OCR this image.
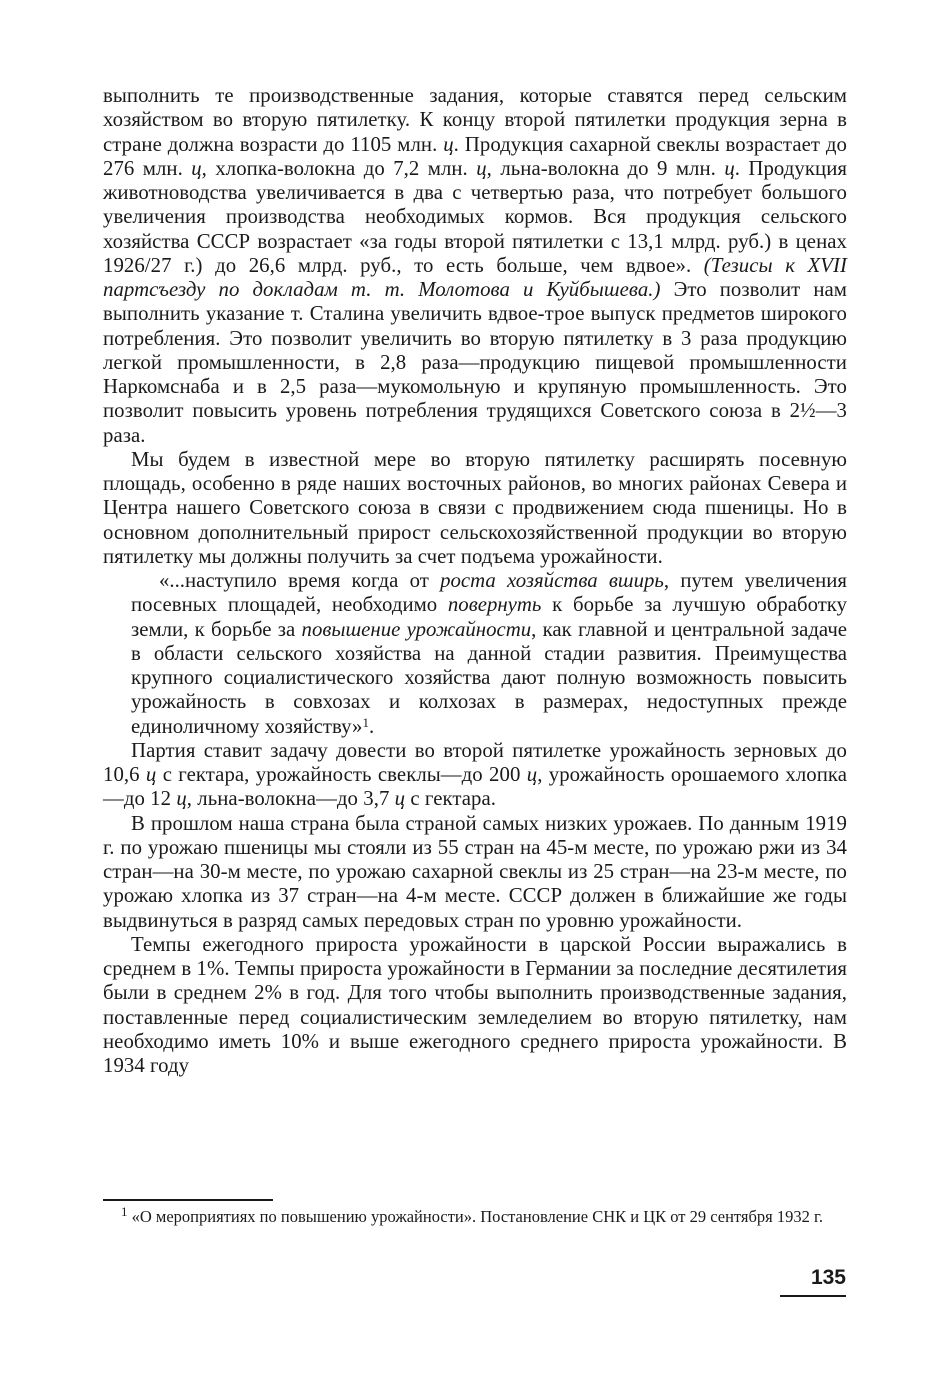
выполнить те производственные задания, которые ставятся перед сельским хозяйством во вторую пятилетку. К концу второй пятилетки продукция зерна в стране должна возрасти до 1105 млн. ц. Продукция сахарной свеклы возрастает до 276 млн. ц, хлопка-волокна до 7,2 млн. ц, льна-волокна до 9 млн. ц. Продукция животноводства увеличивается в два с четвертью раза, что потребует большого увеличения производства необходимых кормов. Вся продукция сельского хозяйства СССР возрастает «за годы второй пятилетки с 13,1 млрд. руб.) в ценах 1926/27 г.) до 26,6 млрд. руб., то есть больше, чем вдвое». (Тезисы к XVII партсъезду по докладам т. т. Молотова и Куйбышева.) Это позволит нам выполнить указание т. Сталина увеличить вдвое-трое выпуск предметов широкого потребления. Это позволит увеличить во вторую пятилетку в 3 раза продукцию легкой промышленности, в 2,8 раза—продукцию пищевой промышленности Наркомснаба и в 2,5 раза—мукомольную и крупяную промышленность. Это позволит повысить уровень потребления трудящихся Советского союза в 2½—3 раза.

Мы будем в известной мере во вторую пятилетку расширять посевную площадь, особенно в ряде наших восточных районов, во многих районах Севера и Центра нашего Советского союза в связи с продвижением сюда пшеницы. Но в основном дополнительный прирост сельскохозяйственной продукции во вторую пятилетку мы должны получить за счет подъема урожайности.

«...наступило время когда от роста хозяйства вширь, путем увеличения посевных площадей, необходимо повернуть к борьбе за лучшую обработку земли, к борьбе за повышение урожайности, как главной и центральной задаче в области сельского хозяйства на данной стадии развития. Преимущества крупного социалистического хозяйства дают полную возможность повысить урожайность в совхозах и колхозах в размерах, недоступных прежде единоличному хозяйству»$^1$.

Партия ставит задачу довести во второй пятилетке урожайность зерновых до 10,6 ц с гектара, урожайность свеклы—до 200 ц, урожайность орошаемого хлопка—до 12 ц, льна-волокна—до 3,7 ц с гектара.

В прошлом наша страна была страной самых низких урожаев. По данным 1919 г. по урожаю пшеницы мы стояли из 55 стран на 45-м месте, по урожаю ржи из 34 стран—на 30-м месте, по урожаю сахарной свеклы из 25 стран—на 23-м месте, по урожаю хлопка из 37 стран—на 4-м месте. СССР должен в ближайшие же годы выдвинуться в разряд самых передовых стран по уровню урожайности.

Темпы ежегодного прироста урожайности в царской России выражались в среднем в 1%. Темпы прироста урожайности в Германии за последние десятилетия были в среднем 2% в год. Для того чтобы выполнить производственные задания, поставленные перед социалистическим земледелием во вторую пятилетку, нам необходимо иметь 10% и выше ежегодного среднего прироста урожайности. В 1934 году

$^1$ «О мероприятиях по повышению урожайности». Постановление СНК и ЦК от 29 сентября 1932 г.

135
